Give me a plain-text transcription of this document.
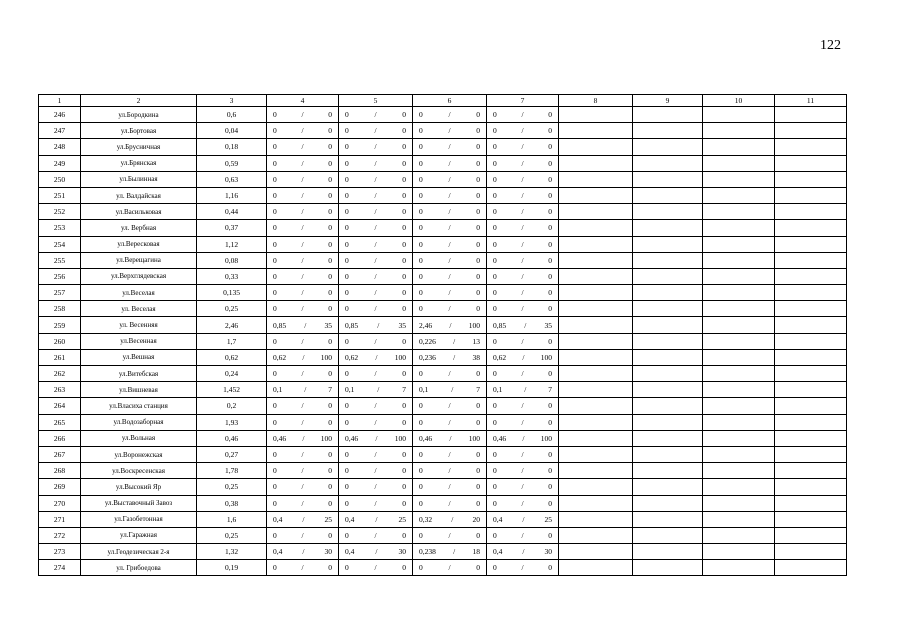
122
1	2	3	4	5	6	7	8	9	10	11
246	ул.Бородкина	0,6	0 / 0	0 / 0	0 / 0	0 / 0				

247	ул.Бортовая	0,04	0 / 0	0 / 0	0 / 0	0 / 0				

248	ул.Брусничная	0,18	0 / 0	0 / 0	0 / 0	0 / 0				

249	ул.Брянская	0,59	0 / 0	0 / 0	0 / 0	0 / 0				

250	ул.Былинная	0,63	0 / 0	0 / 0	0 / 0	0 / 0				

251	ул. Валдайская	1,16	0 / 0	0 / 0	0 / 0	0 / 0				

252	ул.Васильковая	0,44	0 / 0	0 / 0	0 / 0	0 / 0				

253	ул. Вербная	0,37	0 / 0	0 / 0	0 / 0	0 / 0				

254	ул.Вересковая	1,12	0 / 0	0 / 0	0 / 0	0 / 0				

255	ул.Верещагина	0,08	0 / 0	0 / 0	0 / 0	0 / 0				

256	ул.Верхглядевская	0,33	0 / 0	0 / 0	0 / 0	0 / 0				

257	ул.Веселая	0,135	0 / 0	0 / 0	0 / 0	0 / 0				

258	ул. Веселая	0,25	0 / 0	0 / 0	0 / 0	0 / 0				

259	ул. Весенняя	2,46	0,85 / 35	0,85 / 35	2,46 / 100	0,85 / 35				

260	ул.Весенная	1,7	0 / 0	0 / 0	0,226 / 13	0 / 0				

261	ул.Вешная	0,62	0,62 / 100	0,62 / 100	0,236 / 38	0,62 / 100				

262	ул.Витебская	0,24	0 / 0	0 / 0	0 / 0	0 / 0				

263	ул.Вишневая	1,452	0,1 / 7	0,1 / 7	0,1 / 7	0,1 / 7				

264	ул.Власиха станция	0,2	0 / 0	0 / 0	0 / 0	0 / 0				

265	ул.Водозаборная	1,93	0 / 0	0 / 0	0 / 0	0 / 0				

266	ул.Вольная	0,46	0,46 / 100	0,46 / 100	0,46 / 100	0,46 / 100				

267	ул.Воронежская	0,27	0 / 0	0 / 0	0 / 0	0 / 0				

268	ул.Воскресенская	1,78	0 / 0	0 / 0	0 / 0	0 / 0				

269	ул.Высокий Яр	0,25	0 / 0	0 / 0	0 / 0	0 / 0				

270	ул.Выставочный Завоз	0,38	0 / 0	0 / 0	0 / 0	0 / 0				

271	ул.Газобетонная	1,6	0,4 / 25	0,4 / 25	0,32 / 20	0,4 / 25				

272	ул.Гаражная	0,25	0 / 0	0 / 0	0 / 0	0 / 0				

273	ул.Геодезическая 2-я	1,32	0,4 / 30	0,4 / 30	0,238 / 18	0,4 / 30				

274	ул. Грибоедова	0,19	0 / 0	0 / 0	0 / 0	0 / 0				
